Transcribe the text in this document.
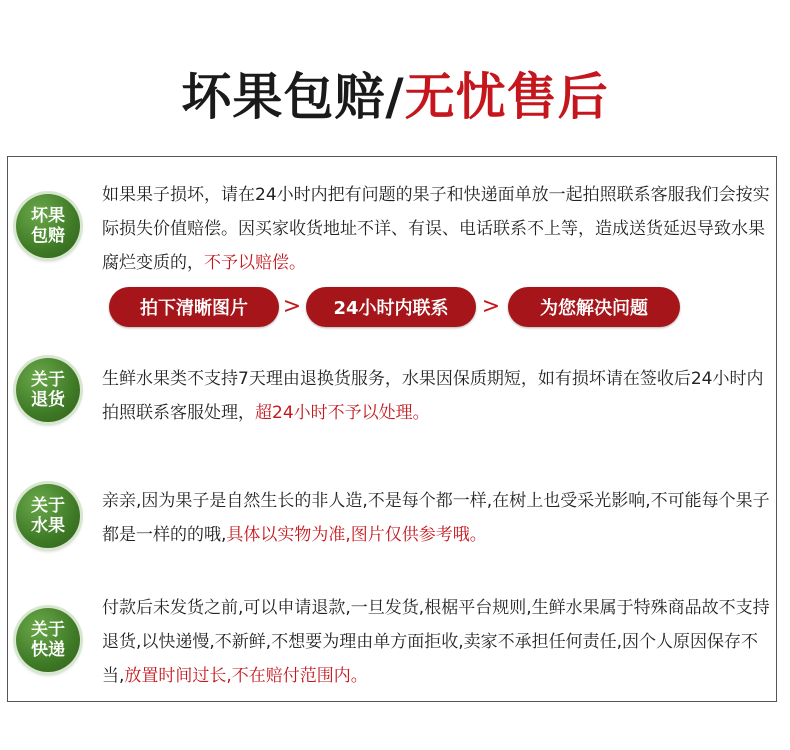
坏果包赔/无忧售后
坏果
包赔
如果果子损坏，请在24小时内把有问题的果子和快递面单放一起拍照联系客服我们会按实际损失价值赔偿。因买家收货地址不详、有误、电话联系不上等，造成送货延迟导致水果腐烂变质的，不予以赔偿。
拍下清晰图片	>	24小时内联系	>	为您解决问题
关于
退货
生鲜水果类不支持7天理由退换货服务，水果因保质期短，如有损坏请在签收后24小时内拍照联系客服处理，超24小时不予以处理。
关于
水果
亲亲,因为果子是自然生长的非人造,不是每个都一样,在树上也受采光影响,不可能每个果子都是一样的的哦,具体以实物为准,图片仅供参考哦。
关于
快递
付款后未发货之前,可以申请退款,一旦发货,根椐平台规则,生鲜水果属于特殊商品故不支持退货,以快递慢,不新鲜,不想要为理由单方面拒收,卖家不承担任何责任,因个人原因保存不当,放置时间过长,不在赔付范围内。
